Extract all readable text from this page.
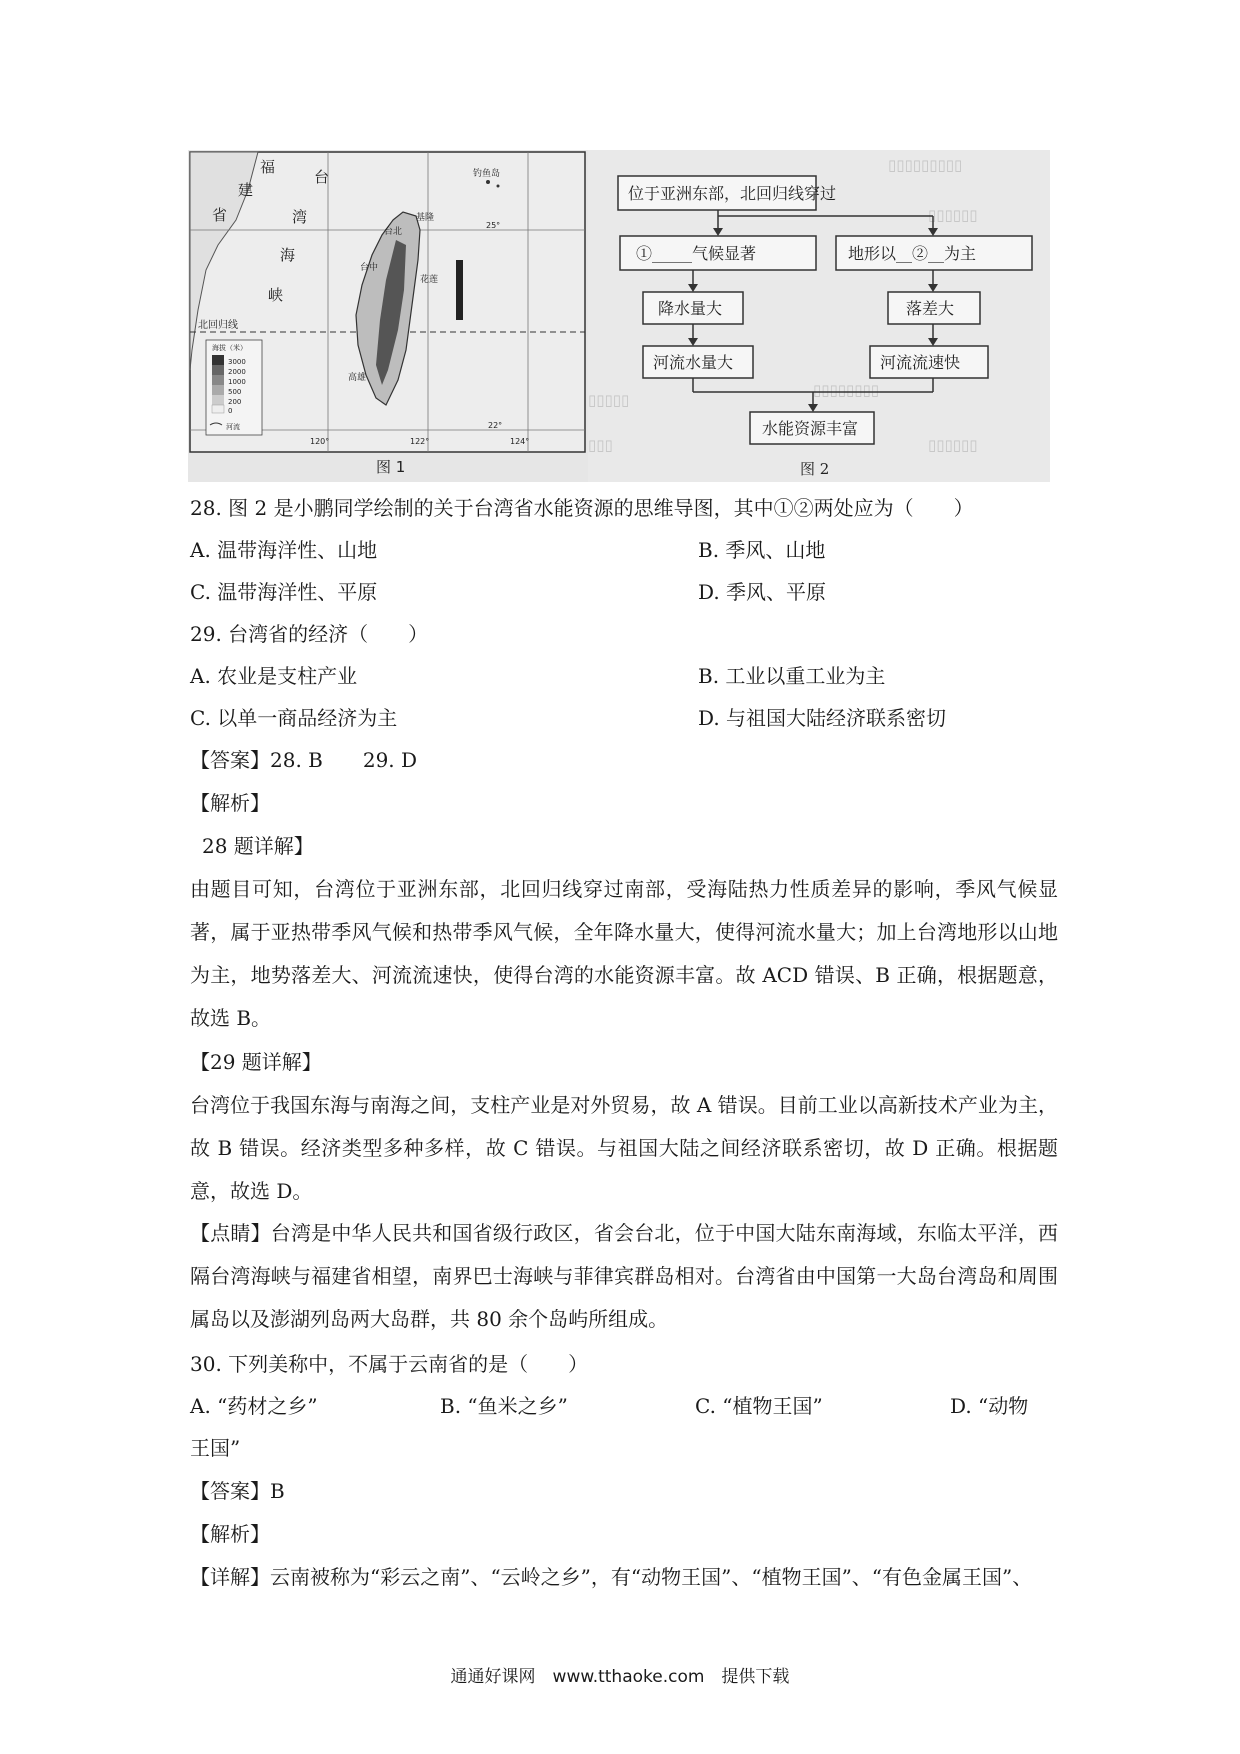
福
建
省
台
湾
海
峡
钓鱼岛
基隆
台北
台中
花莲
高雄
北回归线
25°
22°
120°	122°	124°
海拔（米）
3000
2000
1000
500
200
0
河流
图 1
▯▯▯▯▯▯▯▯▯
▯▯▯▯▯▯
▯▯▯▯▯
▯▯▯▯▯▯▯▯
▯▯▯	▯▯▯▯▯▯
位于亚洲东部，北回归线穿过
①_____气候显著	地形以__②__为主
降水量大	落差大
河流水量大	河流流速快
水能资源丰富
图 2
28. 图 2 是小鹏同学绘制的关于台湾省水能资源的思维导图，其中①②两处应为（　　）
A. 温带海洋性、山地	B. 季风、山地
C. 温带海洋性、平原	D. 季风、平原
29. 台湾省的经济（　　）
A. 农业是支柱产业	B. 工业以重工业为主
C. 以单一商品经济为主	D. 与祖国大陆经济联系密切
【答案】28. B　　29. D
【解析】
28 题详解】
由题目可知，台湾位于亚洲东部，北回归线穿过南部，受海陆热力性质差异的影响，季风气候显著，属于亚热带季风气候和热带季风气候，全年降水量大，使得河流水量大；加上台湾地形以山地为主，地势落差大、河流流速快，使得台湾的水能资源丰富。故 ACD 错误、B 正确，根据题意，故选 B。
【29 题详解】
台湾位于我国东海与南海之间，支柱产业是对外贸易，故 A 错误。目前工业以高新技术产业为主，故 B 错误。经济类型多种多样，故 C 错误。与祖国大陆之间经济联系密切，故 D 正确。根据题意，故选 D。
【点睛】台湾是中华人民共和国省级行政区，省会台北，位于中国大陆东南海域，东临太平洋，西隔台湾海峡与福建省相望，南界巴士海峡与菲律宾群岛相对。台湾省由中国第一大岛台湾岛和周围属岛以及澎湖列岛两大岛群，共 80 余个岛屿所组成。
30. 下列美称中，不属于云南省的是（　　）
A. “药材之乡”	B. “鱼米之乡”	C. “植物王国”	D. “动物
王国”
【答案】B
【解析】
【详解】云南被称为“彩云之南”、“云岭之乡”，有“动物王国”、“植物王国”、“有色金属王国”、
通通好课网　www.tthaoke.com　提供下载
